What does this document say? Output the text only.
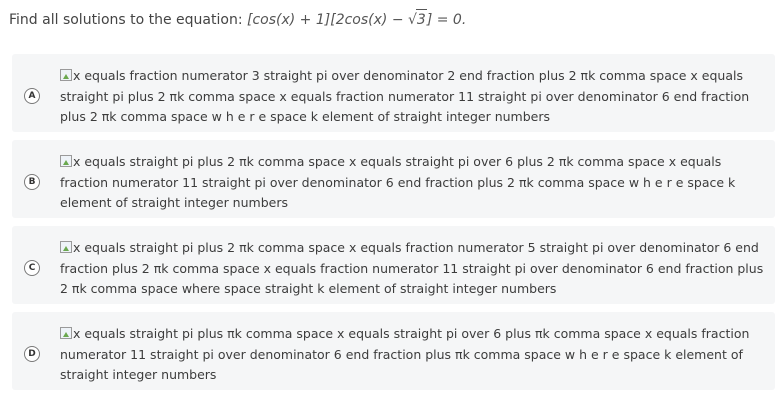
Find all solutions to the equation: [cos(x) + 1][2cos(x) − √3] = 0.
A
x equals fraction numerator 3 straight pi over denominator 2 end fraction plus 2 πk comma space x equals straight pi plus 2 πk comma space x equals fraction numerator 11 straight pi over denominator 6 end fraction plus 2 πk comma space w h e r e space k element of straight integer numbers
B
x equals straight pi plus 2 πk comma space x equals straight pi over 6 plus 2 πk comma space x equals fraction numerator 11 straight pi over denominator 6 end fraction plus 2 πk comma space w h e r e space k element of straight integer numbers
C
x equals straight pi plus 2 πk comma space x equals fraction numerator 5 straight pi over denominator 6 end fraction plus 2 πk comma space x equals fraction numerator 11 straight pi over denominator 6 end fraction plus 2 πk comma space where space straight k element of straight integer numbers
D
x equals straight pi plus πk comma space x equals straight pi over 6 plus πk comma space x equals fraction numerator 11 straight pi over denominator 6 end fraction plus πk comma space w h e r e space k element of straight integer numbers
